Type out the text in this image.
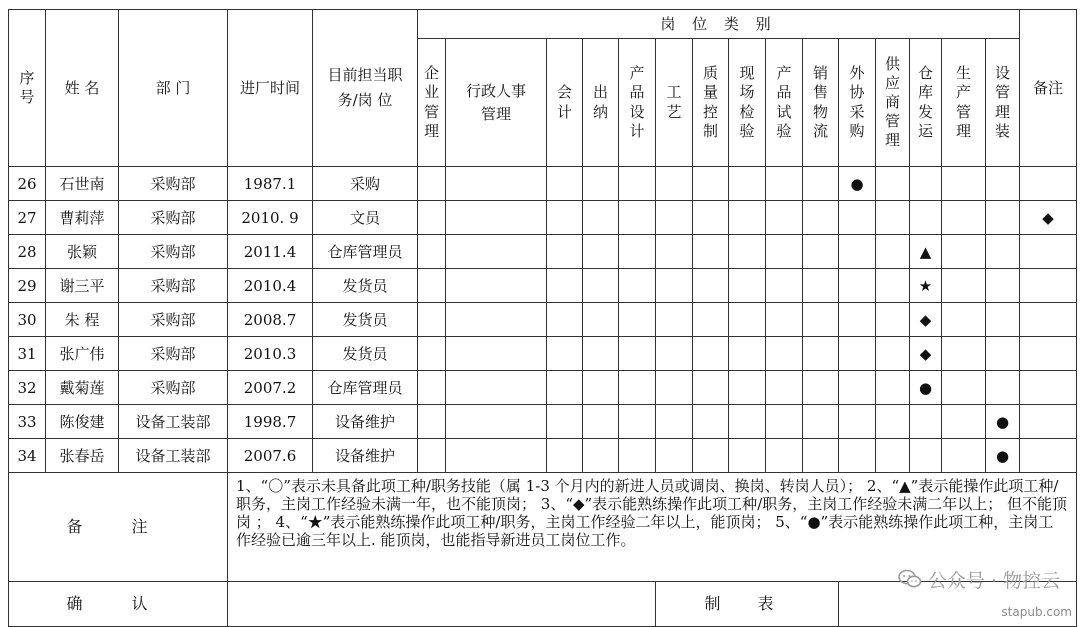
序号	姓 名	部 门	进厂时间	目前担当职 务/岗 位	岗 位 类 别															备注	
					企业管理	行政人事管理	会计	出纳	产品设计	工艺	质量控制	现场检验	产品试验	销售物流	外协采购	供应商管理	仓库发运	生产管理	设管理装	
26	石世南	采购部	1987.1	采购											●						
27	曹莉萍	采购部	2010. 9	文员																◆	
28	张颖	采购部	2011.4	仓库管理员													▲				
29	谢三平	采购部	2010.4	发货员													★				
30	朱 程	采购部	2008.7	发货员													◆				
31	张广伟	采购部	2010.3	发货员													◆				
32	戴菊莲	采购部	2007.2	仓库管理员													●				
33	陈俊建	设备工装部	1998.7	设备维护															●		
34	张春岳	设备工装部	2007.6	设备维护															●		
备 注			1、“〇”表示未具备此项工种/职务技能（属 1-3 个月内的新进人员或调岗、换岗、转岗人员）； 2、“▲”表示能操作此项工种/职务，主岗工作经验未满一年，也不能顶岗； 3、“◆”表示能熟练操作此项工种/职务，主岗工作经验未满二年以上； 但不能顶岗 ； 4、“★”表示能熟练操作此项工种/职务，主岗工作经验二年以上，能顶岗； 5、“●”表示能熟练操作此项工种，主岗工作经验已逾三年以上. 能顶岗，也能指导新进员工岗位工作。																		
确 认										制 表											
公众号 · 物控云
stapub.com
